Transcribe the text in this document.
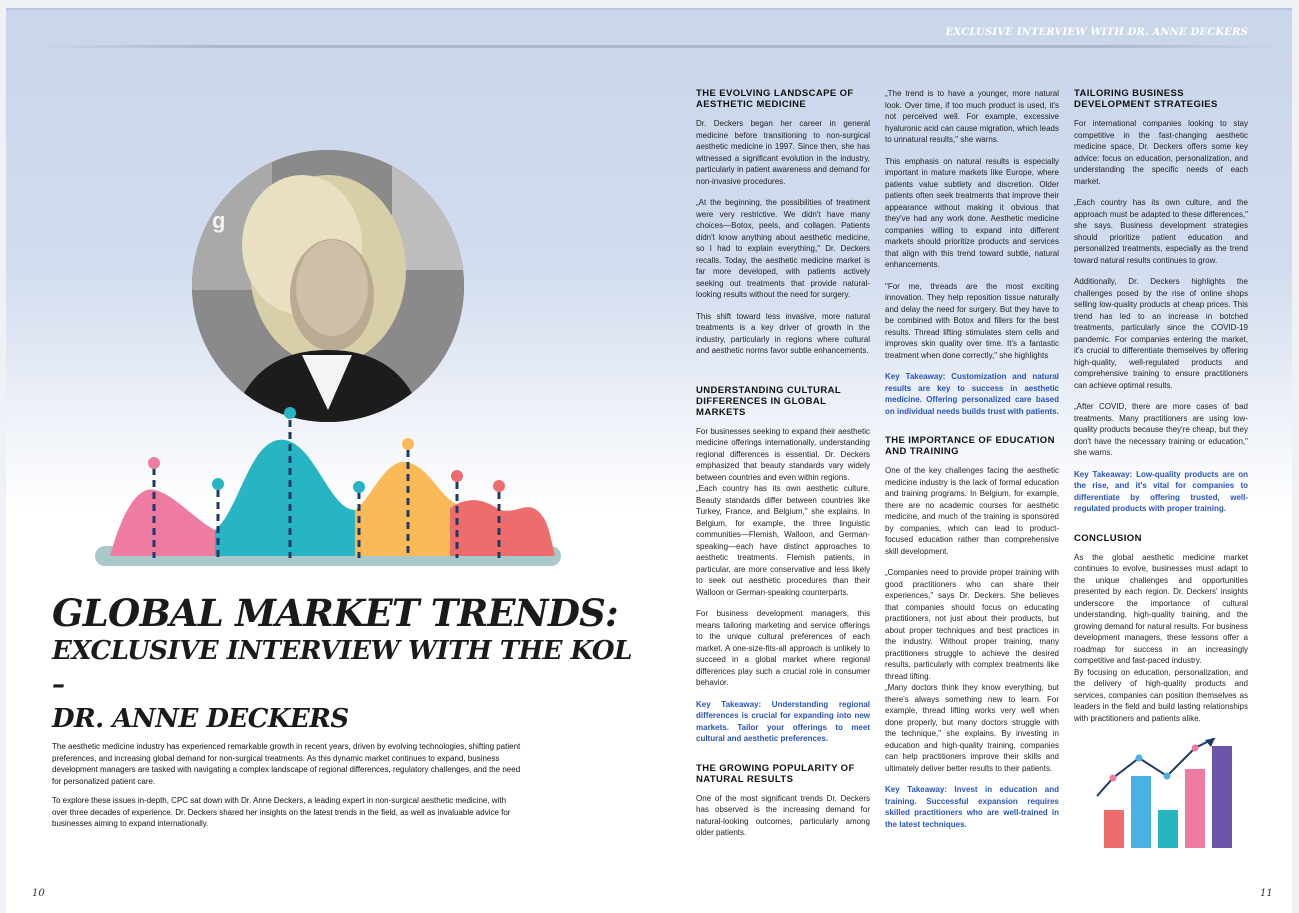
EXCLUSIVE INTERVIEW WITH DR. ANNE DECKERS
g
GLOBAL MARKET TRENDS:
EXCLUSIVE INTERVIEW WITH THE KOL –
DR. ANNE DECKERS

The aesthetic medicine industry has experienced remarkable growth in recent years, driven by evolving technologies, shifting patient preferences, and increasing global demand for non-surgical treatments. As this dynamic market continues to expand, business development managers are tasked with navigating a complex landscape of regional differences, regulatory challenges, and the need for personalized patient care.

To explore these issues in-depth, CPC sat down with Dr. Anne Deckers, a leading expert in non-surgical aesthetic medicine, with over three decades of experience. Dr. Deckers shared her insights on the latest trends in the field, as well as invaluable advice for businesses aiming to expand internationally.

THE EVOLVING LANDSCAPE OF AESTHETIC MEDICINE

Dr. Deckers began her career in general medicine before transitioning to non-surgical aesthetic medicine in 1997. Since then, she has witnessed a significant evolution in the industry, particularly in patient awareness and demand for non-invasive procedures.

„At the beginning, the possibilities of treatment were very restrictive. We didn't have many choices—Botox, peels, and collagen. Patients didn't know anything about aesthetic medicine, so I had to explain everything," Dr. Deckers recalls. Today, the aesthetic medicine market is far more developed, with patients actively seeking out treatments that provide natural-looking results without the need for surgery.

This shift toward less invasive, more natural treatments is a key driver of growth in the industry, particularly in regions where cultural and aesthetic norms favor subtle enhancements.

UNDERSTANDING CULTURAL DIFFERENCES IN GLOBAL MARKETS

For businesses seeking to expand their aesthetic medicine offerings internationally, understanding regional differences is essential. Dr. Deckers emphasized that beauty standards vary widely between countries and even within regions.

„Each country has its own aesthetic culture. Beauty standards differ between countries like Turkey, France, and Belgium," she explains. In Belgium, for example, the three linguistic communities—Flemish, Walloon, and German-speaking—each have distinct approaches to aesthetic treatments. Flemish patients, in particular, are more conservative and less likely to seek out aesthetic procedures than their Walloon or German-speaking counterparts.

For business development managers, this means tailoring marketing and service offerings to the unique cultural preferences of each market. A one-size-fits-all approach is unlikely to succeed in a global market where regional differences play such a crucial role in consumer behavior.

Key Takeaway: Understanding regional differences is crucial for expanding into new markets. Tailor your offerings to meet cultural and aesthetic preferences.

THE GROWING POPULARITY OF NATURAL RESULTS

One of the most significant trends Dr. Deckers has observed is the increasing demand for natural-looking outcomes, particularly among older patients.

„The trend is to have a younger, more natural look. Over time, if too much product is used, it's not perceived well. For example, excessive hyaluronic acid can cause migration, which leads to unnatural results," she warns.

This emphasis on natural results is especially important in mature markets like Europe, where patients value subtlety and discretion. Older patients often seek treatments that improve their appearance without making it obvious that they've had any work done. Aesthetic medicine companies willing to expand into different markets should prioritize products and services that align with this trend toward subtle, natural enhancements.

"For me, threads are the most exciting innovation. They help reposition tissue naturally and delay the need for surgery. But they have to be combined with Botox and fillers for the best results. Thread lifting stimulates stem cells and improves skin quality over time. It's a fantastic treatment when done correctly," she highlights

Key Takeaway: Customization and natural results are key to success in aesthetic medicine. Offering personalized care based on individual needs builds trust with patients.

THE IMPORTANCE OF EDUCATION AND TRAINING

One of the key challenges facing the aesthetic medicine industry is the lack of formal education and training programs. In Belgium, for example, there are no academic courses for aesthetic medicine, and much of the training is sponsored by companies, which can lead to product-focused education rather than comprehensive skill development.

„Companies need to provide proper training with good practitioners who can share their experiences," says Dr. Deckers. She believes that companies should focus on educating practitioners, not just about their products, but about proper techniques and best practices in the industry. Without proper training, many practitioners struggle to achieve the desired results, particularly with complex treatments like thread lifting.

„Many doctors think they know everything, but there's always something new to learn. For example, thread lifting works very well when done properly, but many doctors struggle with the technique," she explains. By investing in education and high-quality training, companies can help practitioners improve their skills and ultimately deliver better results to their patients.

Key Takeaway: Invest in education and training. Successful expansion requires skilled practitioners who are well-trained in the latest techniques.

TAILORING BUSINESS DEVELOPMENT STRATEGIES

For international companies looking to stay competitive in the fast-changing aesthetic medicine space, Dr. Deckers offers some key advice: focus on education, personalization, and understanding the specific needs of each market.

„Each country has its own culture, and the approach must be adapted to these differences," she says. Business development strategies should prioritize patient education and personalized treatments, especially as the trend toward natural results continues to grow.

Additionally, Dr. Deckers highlights the challenges posed by the rise of online shops selling low-quality products at cheap prices. This trend has led to an increase in botched treatments, particularly since the COVID-19 pandemic. For companies entering the market, it's crucial to differentiate themselves by offering high-quality, well-regulated products and comprehensive training to ensure practitioners can achieve optimal results.

„After COVID, there are more cases of bad treatments. Many practitioners are using low-quality products because they're cheap, but they don't have the necessary training or education," she warns.

Key Takeaway: Low-quality products are on the rise, and it's vital for companies to differentiate by offering trusted, well-regulated products with proper training.

CONCLUSION

As the global aesthetic medicine market continues to evolve, businesses must adapt to the unique challenges and opportunities presented by each region. Dr. Deckers' insights underscore the importance of cultural understanding, high-quality training, and the growing demand for natural results. For business development managers, these lessons offer a roadmap for success in an increasingly competitive and fast-paced industry.

By focusing on education, personalization, and the delivery of high-quality products and services, companies can position themselves as leaders in the field and build lasting relationships with practitioners and patients alike.

10	11
